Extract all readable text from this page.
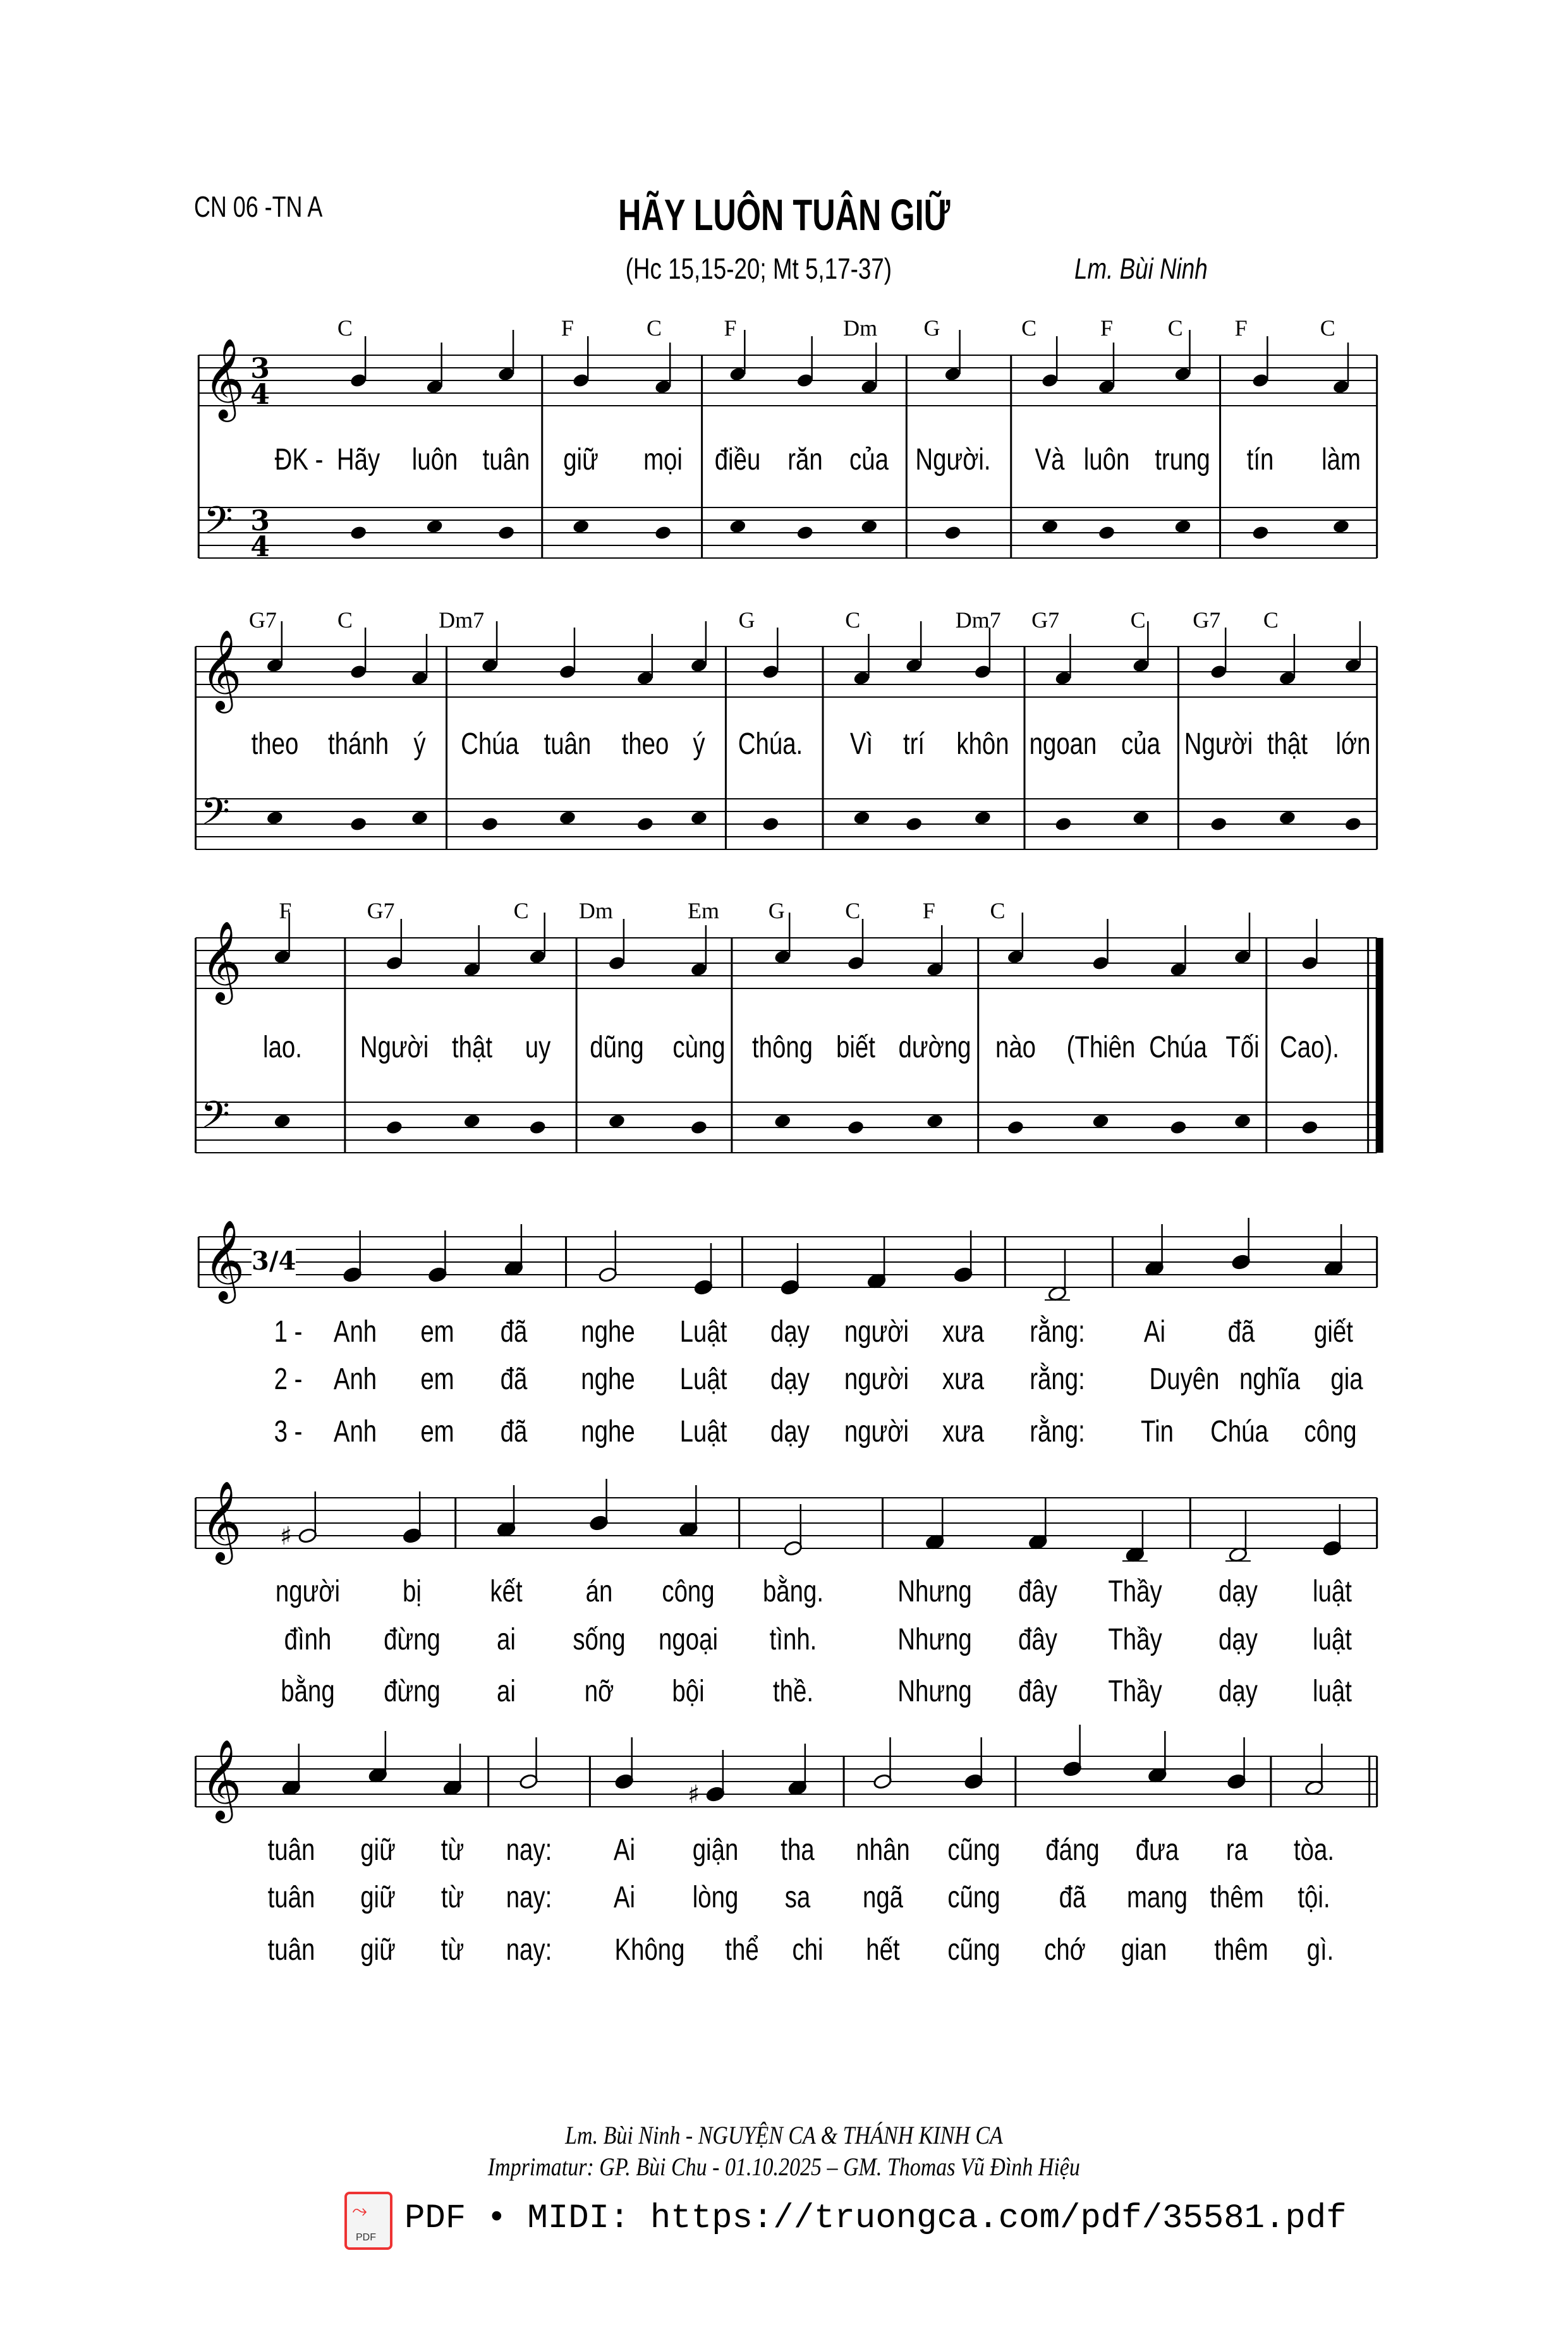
CN 06 -TN A	HÃY LUÔN TUÂN GIỮ
(Hc 15,15-20; Mt 5,17-37)	Lm. Bùi Ninh
𝄞 3
4
𝄢 3
4
𝄞
𝄢
𝄞
𝄢
𝄞
𝄞 ♯
𝄞	♯
C	F	C	F	Dm G	C	F C F	C
ĐK - Hãy luôn tuân giữ mọi điều răn của Người. Và luôn trung tín làm
G7	C	Dm7	G	C	Dm7 G7	C G7 C
theo thánh ý Chúa tuân theo ý Chúa. Vì trí khôn ngoan của Người thật lớn
F	G7	C Dm	Em G	C	F C
lao. Người thật uy dũng cùng thông biết dường nào (Thiên Chúa Tối Cao).
1 - Anh em đã nghe Luật dạy người xưa rằng: Ai đã giết
2 - Anh em đã nghe Luật dạy người xưa rằng: Duyên nghĩa gia
3 - Anh em đã nghe Luật dạy người xưa rằng: Tin Chúa công
người bị kết án công bằng. Nhưng đây Thầy dạy luật
đình đừng ai sống ngoại tình.	Nhưng đây Thầy dạy luật
bằng đừng ai nỡ bội thề.	Nhưng đây Thầy dạy luật
tuân giữ từ nay: Ai giận tha nhân cũng đáng đưa ra tòa.
tuân giữ từ nay: Ai lòng sa ngã cũng đã mang thêm tội.
tuân giữ từ nay: Không thể chi hết cũng chớ gian thêm gì.
3/4
Lm. Bùi Ninh - NGUYỆN CA & THÁNH KINH CA
Imprimatur: GP. Bùi Chu - 01.10.2025 – GM. Thomas Vũ Đình Hiệu
⤳
PDF PDF • MIDI: https://truongca.com/pdf/35581.pdf
